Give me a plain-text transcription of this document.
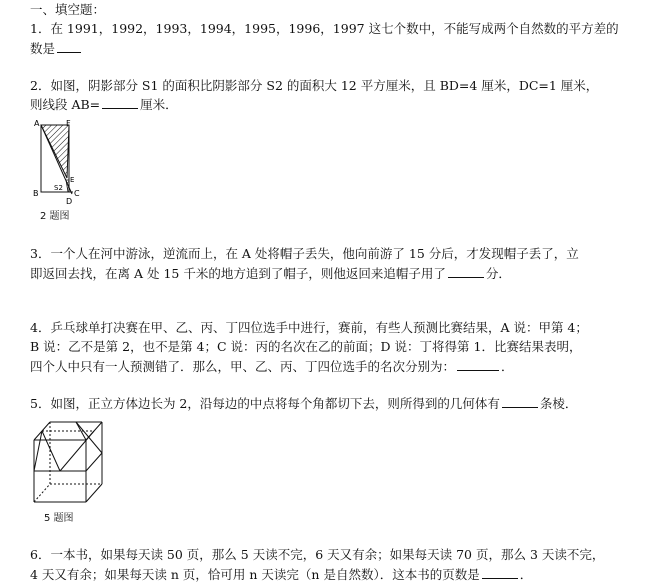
一、填空题：
1．在 1991，1992，1993，1994，1995，1996，1997 这七个数中，不能写成两个自然数的平方差的
数是
2．如图，阴影部分 S1 的面积比阴影部分 S2 的面积大 12 平方厘米，且 BD=4 厘米，DC=1 厘米，
则线段 AB=	厘米．
A	F
B
S2
E
C
D
2 题图
3．一个人在河中游泳，逆流而上，在 A 处将帽子丢失，他向前游了 15 分后，才发现帽子丢了，立
即返回去找，在离 A 处 15 千米的地方追到了帽子，则他返回来追帽子用了	分．
4．乒乓球单打决赛在甲、乙、丙、丁四位选手中进行，赛前，有些人预测比赛结果，A 说：甲第 4；
B 说：乙不是第 2，也不是第 4；C 说：丙的名次在乙的前面；D 说：丁将得第 1．比赛结果表明，
四个人中只有一人预测错了．那么，甲、乙、丙、丁四位选手的名次分别为：	．
5．如图，正立方体边长为 2，沿每边的中点将每个角都切下去，则所得到的几何体有	条棱．
5 题图
6．一本书，如果每天读 50 页，那么 5 天读不完，6 天又有余；如果每天读 70 页，那么 3 天读不完，
4 天又有余；如果每天读 n 页，恰可用 n 天读完（n 是自然数）．这本书的页数是	．
